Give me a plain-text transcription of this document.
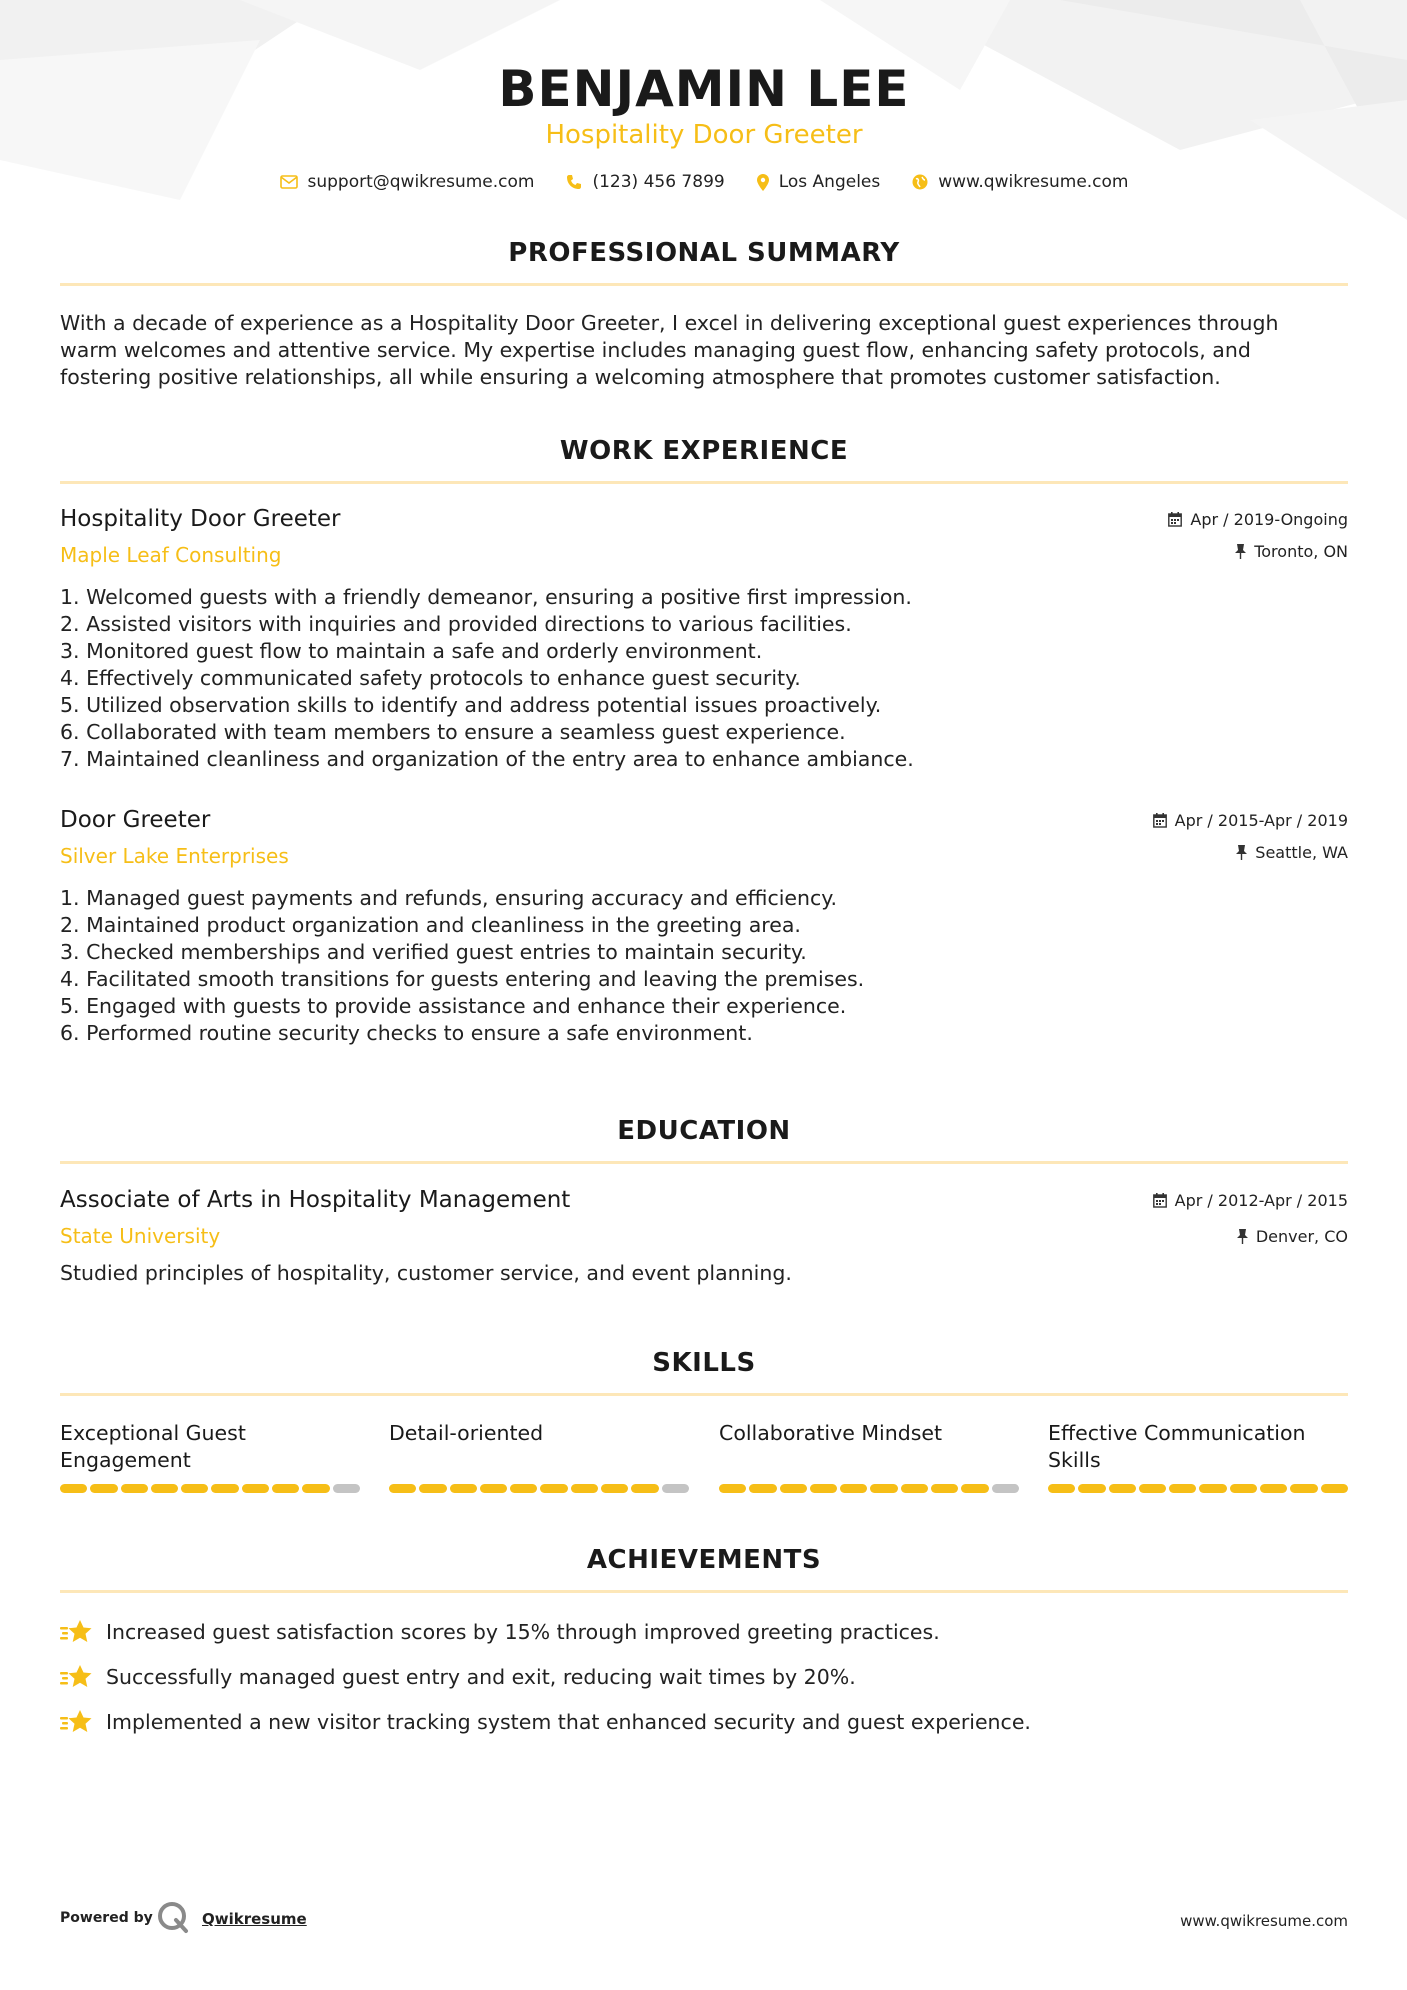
BENJAMIN LEE
Hospitality Door Greeter
support@qwikresume.com	(123) 456 7899	Los Angeles	www.qwikresume.com
PROFESSIONAL SUMMARY
With a decade of experience as a Hospitality Door Greeter, I excel in delivering exceptional guest experiences through
warm welcomes and attentive service. My expertise includes managing guest flow, enhancing safety protocols, and
fostering positive relationships, all while ensuring a welcoming atmosphere that promotes customer satisfaction.
WORK EXPERIENCE
Hospitality Door Greeter
Maple Leaf Consulting
Apr / 2019-Ongoing
Toronto, ON
1. Welcomed guests with a friendly demeanor, ensuring a positive first impression.
2. Assisted visitors with inquiries and provided directions to various facilities.
3. Monitored guest flow to maintain a safe and orderly environment.
4. Effectively communicated safety protocols to enhance guest security.
5. Utilized observation skills to identify and address potential issues proactively.
6. Collaborated with team members to ensure a seamless guest experience.
7. Maintained cleanliness and organization of the entry area to enhance ambiance.
Door Greeter
Silver Lake Enterprises
Apr / 2015-Apr / 2019
Seattle, WA
1. Managed guest payments and refunds, ensuring accuracy and efficiency.
2. Maintained product organization and cleanliness in the greeting area.
3. Checked memberships and verified guest entries to maintain security.
4. Facilitated smooth transitions for guests entering and leaving the premises.
5. Engaged with guests to provide assistance and enhance their experience.
6. Performed routine security checks to ensure a safe environment.
EDUCATION
Associate of Arts in Hospitality Management
State University
Apr / 2012-Apr / 2015
Denver, CO
Studied principles of hospitality, customer service, and event planning.
SKILLS
Exceptional Guest Engagement
Detail-oriented	Collaborative Mindset	Effective Communication Skills
ACHIEVEMENTS
Increased guest satisfaction scores by 15% through improved greeting practices.
Successfully managed guest entry and exit, reducing wait times by 20%.
Implemented a new visitor tracking system that enhanced security and guest experience.
Powered by	Qwikresume	www.qwikresume.com
